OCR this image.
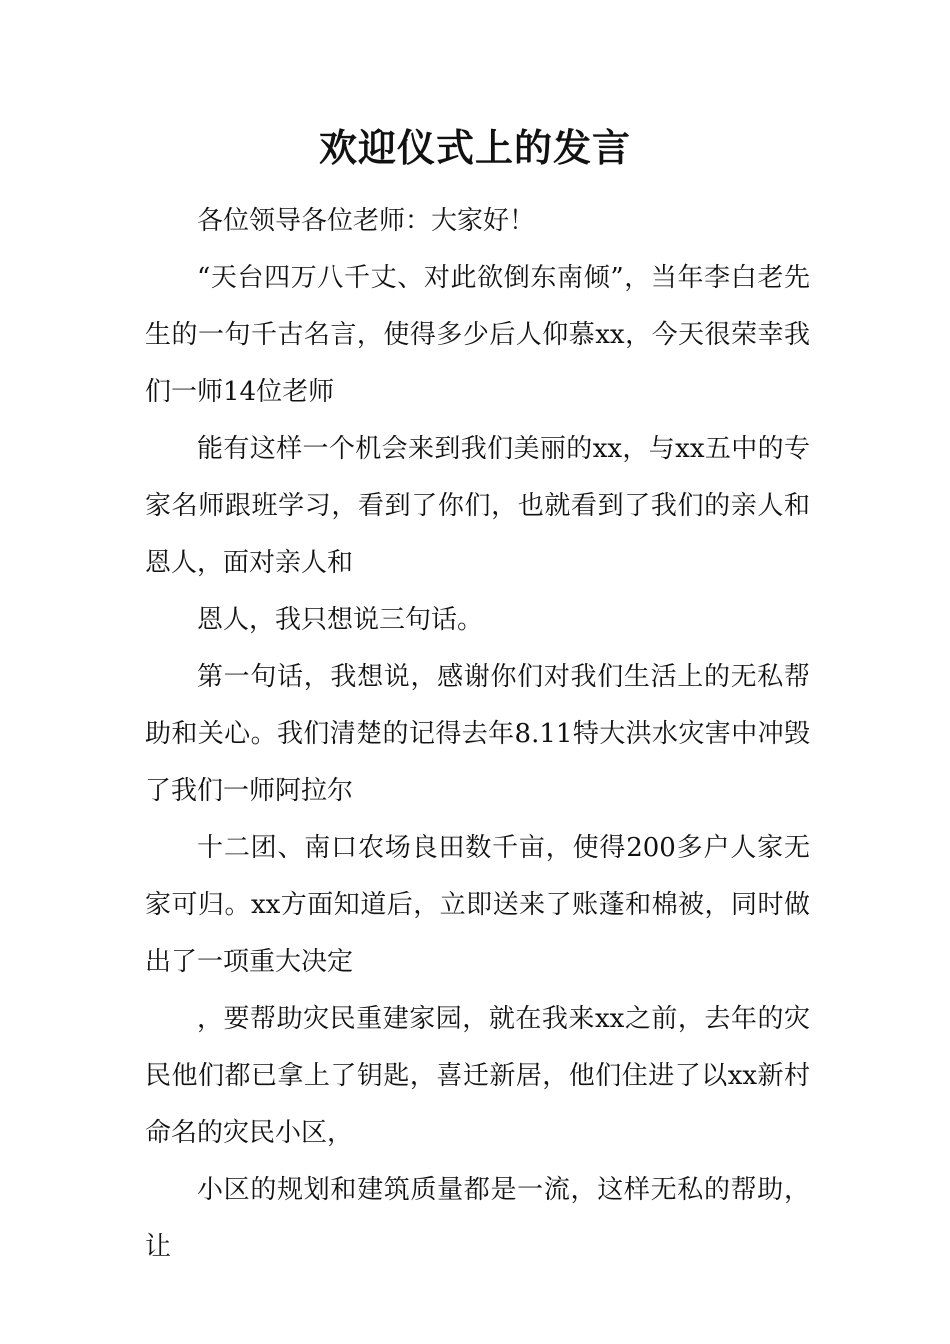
欢迎仪式上的发言

各位领导各位老师：大家好！

“天台四万八千丈、对此欲倒东南倾”，当年李白老先生的一句千古名言，使得多少后人仰慕xx，今天很荣幸我们一师14位老师

能有这样一个机会来到我们美丽的xx，与xx五中的专家名师跟班学习，看到了你们，也就看到了我们的亲人和恩人，面对亲人和

恩人，我只想说三句话。

第一句话，我想说，感谢你们对我们生活上的无私帮助和关心。我们清楚的记得去年8.11特大洪水灾害中冲毁了我们一师阿拉尔

十二团、南口农场良田数千亩，使得200多户人家无家可归。xx方面知道后，立即送来了账蓬和棉被，同时做出了一项重大决定

，要帮助灾民重建家园，就在我来xx之前，去年的灾民他们都已拿上了钥匙，喜迁新居，他们住进了以xx新村命名的灾民小区，

小区的规划和建筑质量都是一流，这样无私的帮助，让
